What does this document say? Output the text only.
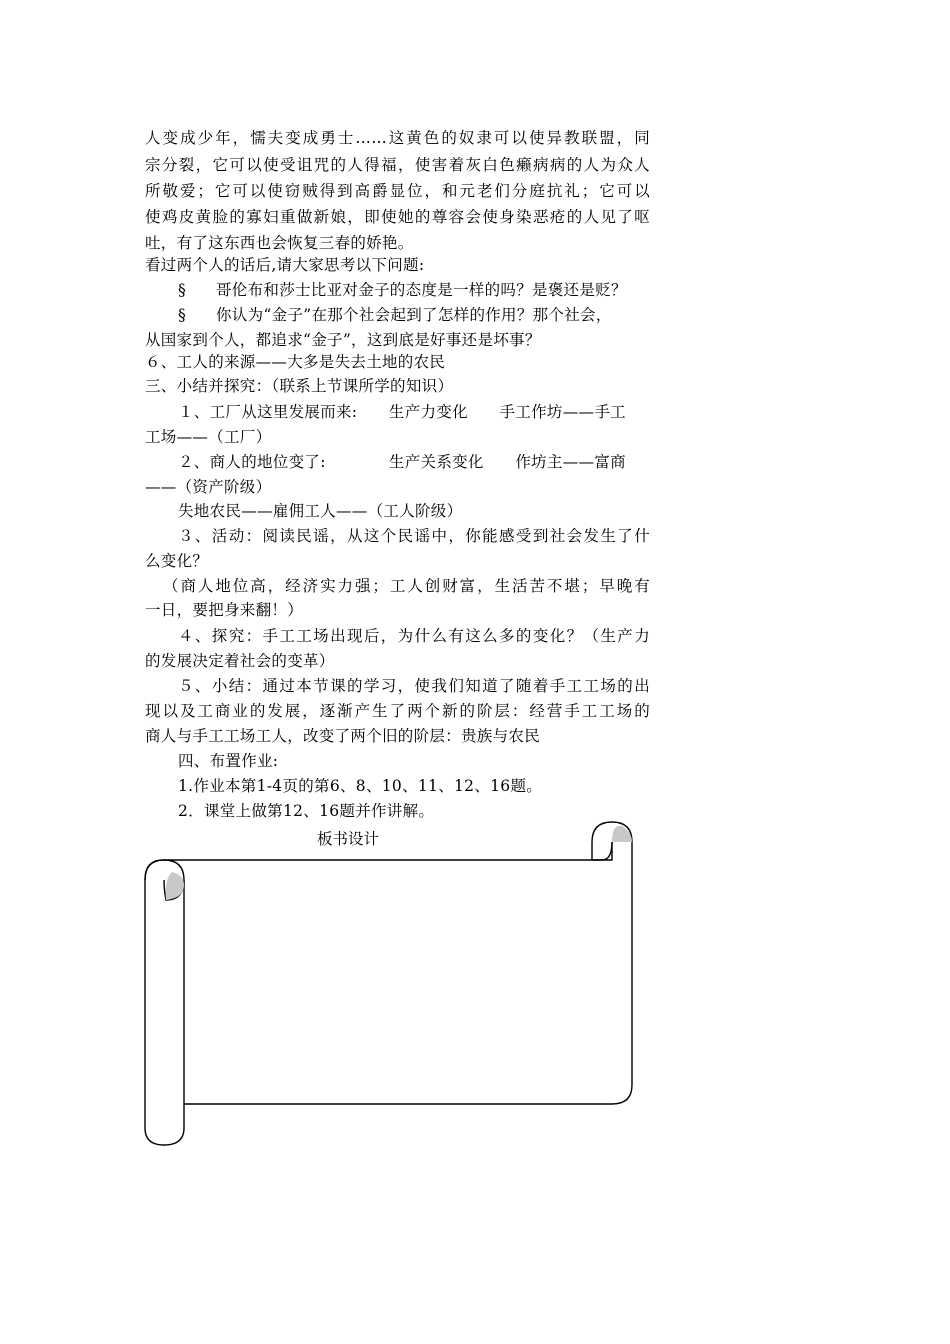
人变成少年，懦夫变成勇士……这黄色的奴隶可以使异教联盟，同
宗分裂，它可以使受诅咒的人得福，使害着灰白色癞病病的人为众人
所敬爱；它可以使窃贼得到高爵显位，和元老们分庭抗礼；它可以
使鸡皮黄脸的寡妇重做新娘，即使她的尊容会使身染恶疮的人见了呕
吐，有了这东西也会恢复三春的娇艳。
看过两个人的话后,请大家思考以下问题:
§ 哥伦布和莎士比亚对金子的态度是一样的吗？是褒还是贬？
§ 你认为“金子”在那个社会起到了怎样的作用？那个社会，
从国家到个人，都追求“金子”，这到底是好事还是坏事？
６、工人的来源——大多是失去土地的农民
三、小结并探究：（联系上节课所学的知识）
１、工厂从这里发展而来:　　生产力变化　　手工作坊——手工
工场——（工厂）
２、商人的地位变了:　　　　生产关系变化　　作坊主——富商
——（资产阶级）
失地农民——雇佣工人——（工人阶级）
３、活动：阅读民谣，从这个民谣中，你能感受到社会发生了什
么变化？
（商人地位高，经济实力强；工人创财富，生活苦不堪；早晚有
一日，要把身来翻！）
４、探究：手工工场出现后，为什么有这么多的变化？（生产力
的发展决定着社会的变革）
５、小结：通过本节课的学习，使我们知道了随着手工工场的出
现以及工商业的发展，逐渐产生了两个新的阶层：经营手工工场的
商人与手工工场工人，改变了两个旧的阶层：贵族与农民
四、布置作业:
1.作业本第1-4页的第6、8、10、11、12、16题。
2．课堂上做第12、16题并作讲解。
板书设计
